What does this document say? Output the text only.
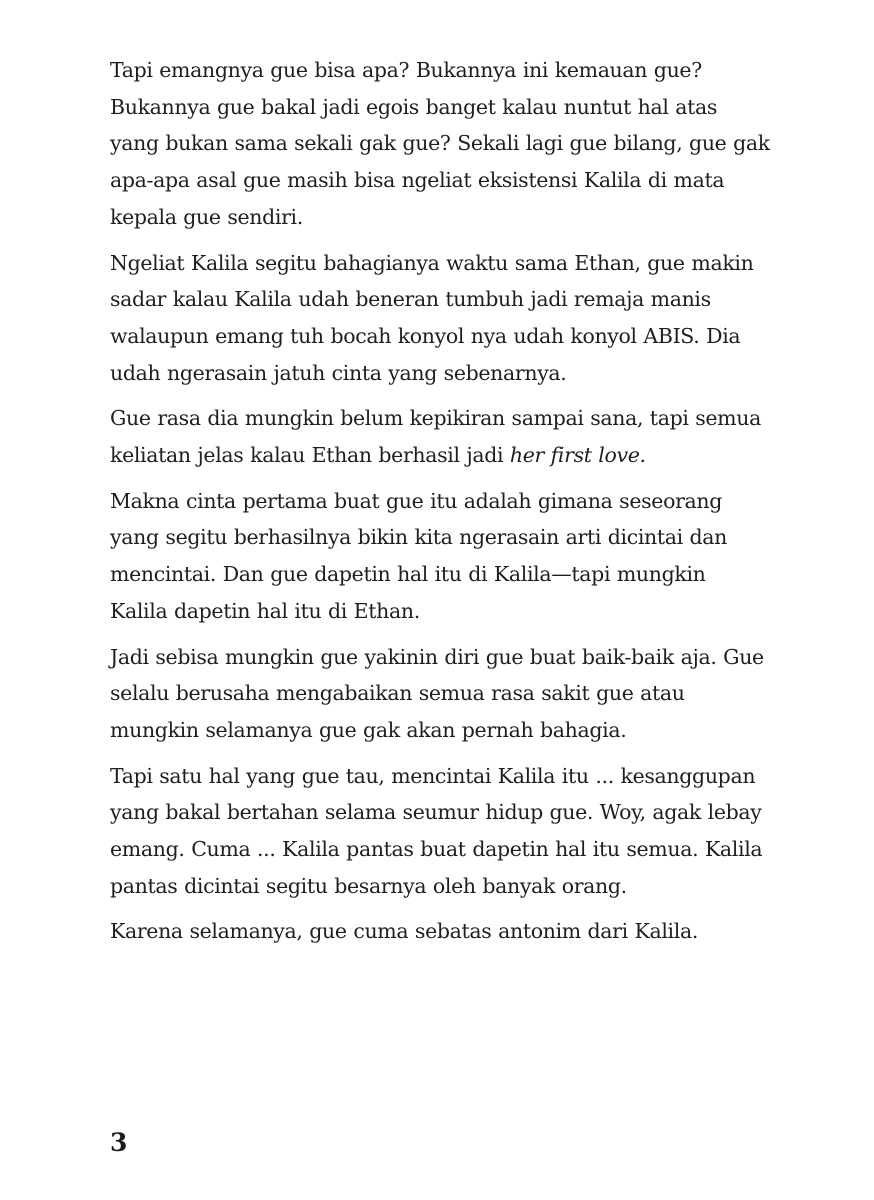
Tapi emangnya gue bisa apa? Bukannya ini kemauan gue?
Bukannya gue bakal jadi egois banget kalau nuntut hal atas
yang bukan sama sekali gak gue? Sekali lagi gue bilang, gue gak
apa-apa asal gue masih bisa ngeliat eksistensi Kalila di mata
kepala gue sendiri.

Ngeliat Kalila segitu bahagianya waktu sama Ethan, gue makin
sadar kalau Kalila udah beneran tumbuh jadi remaja manis
walaupun emang tuh bocah konyol nya udah konyol ABIS. Dia
udah ngerasain jatuh cinta yang sebenarnya.

Gue rasa dia mungkin belum kepikiran sampai sana, tapi semua
keliatan jelas kalau Ethan berhasil jadi her first love.

Makna cinta pertama buat gue itu adalah gimana seseorang
yang segitu berhasilnya bikin kita ngerasain arti dicintai dan
mencintai. Dan gue dapetin hal itu di Kalila—tapi mungkin
Kalila dapetin hal itu di Ethan.

Jadi sebisa mungkin gue yakinin diri gue buat baik-baik aja. Gue
selalu berusaha mengabaikan semua rasa sakit gue atau
mungkin selamanya gue gak akan pernah bahagia.

Tapi satu hal yang gue tau, mencintai Kalila itu ... kesanggupan
yang bakal bertahan selama seumur hidup gue. Woy, agak lebay
emang. Cuma ... Kalila pantas buat dapetin hal itu semua. Kalila
pantas dicintai segitu besarnya oleh banyak orang.

Karena selamanya, gue cuma sebatas antonim dari Kalila.

3
